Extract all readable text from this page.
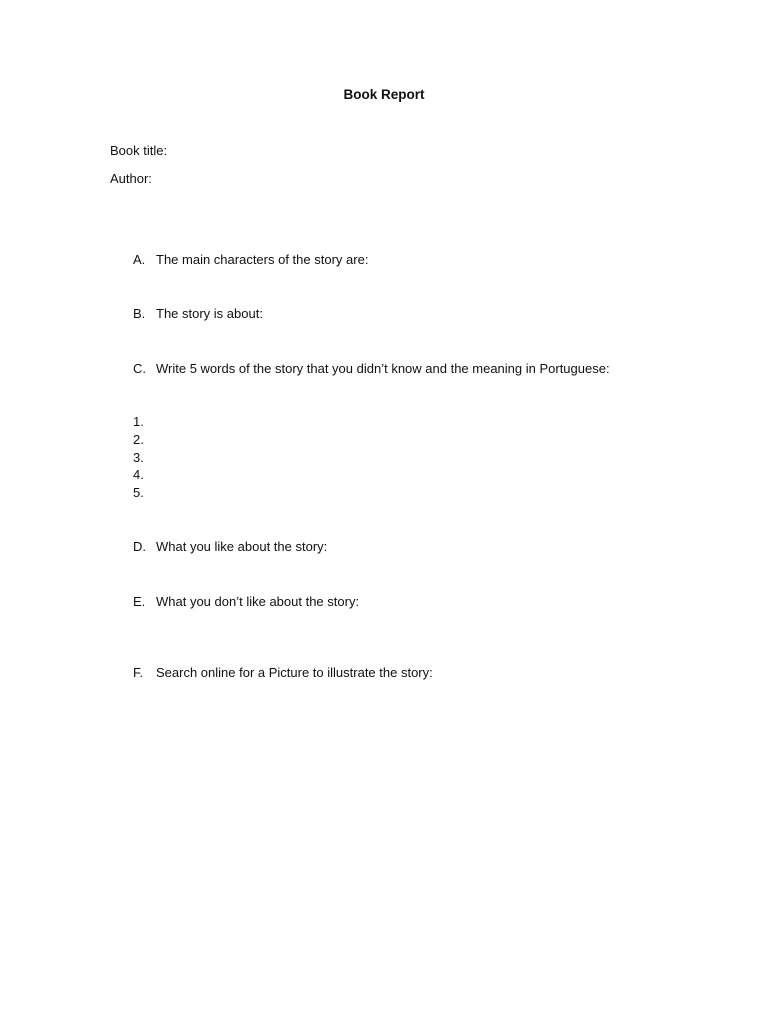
Book Report
Book title:
Author:
A. The main characters of the story are:
B. The story is about:
C. Write 5 words of the story that you didn’t know and the meaning in Portuguese:
1.
2.
3.
4.
5.
D. What you like about the story:
E. What you don’t like about the story:
F. Search online for a Picture to illustrate the story:
